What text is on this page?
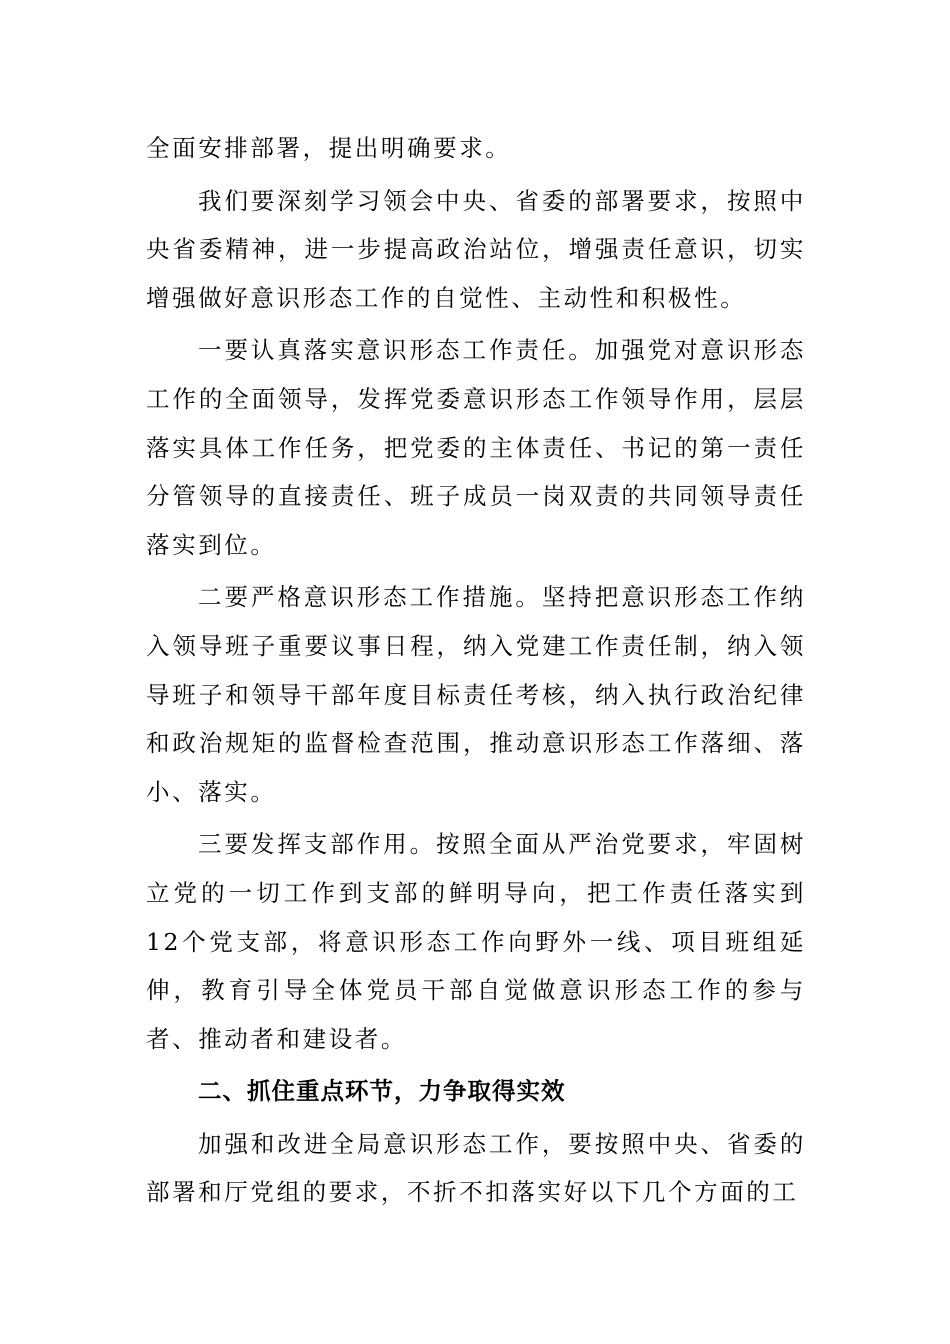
全面安排部署，提出明确要求。

我们要深刻学习领会中央、省委的部署要求，按照中央省委精神，进一步提高政治站位，增强责任意识，切实增强做好意识形态工作的自觉性、主动性和积极性。

一要认真落实意识形态工作责任。加强党对意识形态工作的全面领导，发挥党委意识形态工作领导作用，层层落实具体工作任务，把党委的主体责任、书记的第一责任分管领导的直接责任、班子成员一岗双责的共同领导责任落实到位。

二要严格意识形态工作措施。坚持把意识形态工作纳入领导班子重要议事日程，纳入党建工作责任制，纳入领导班子和领导干部年度目标责任考核，纳入执行政治纪律和政治规矩的监督检查范围，推动意识形态工作落细、落小、落实。

三要发挥支部作用。按照全面从严治党要求，牢固树立党的一切工作到支部的鲜明导向，把工作责任落实到12个党支部，将意识形态工作向野外一线、项目班组延伸，教育引导全体党员干部自觉做意识形态工作的参与者、推动者和建设者。

二、抓住重点环节，力争取得实效

加强和改进全局意识形态工作，要按照中央、省委的部署和厅党组的要求，不折不扣落实好以下几个方面的工
